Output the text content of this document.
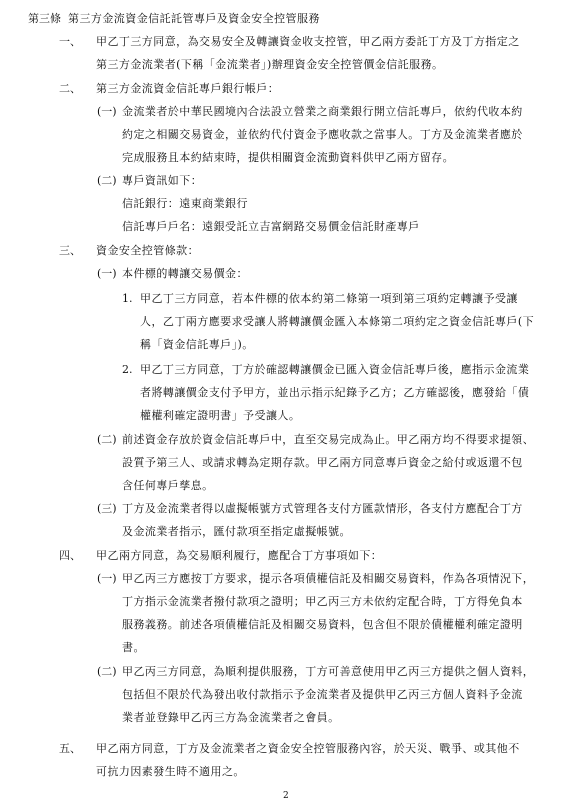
第三條 第三方金流資金信託託管專戶及資金安全控管服務
一、 甲乙丁三方同意，為交易安全及轉讓資金收支控管，甲乙兩方委託丁方及丁方指定之
第三方金流業者(下稱「金流業者」)辦理資金安全控管價金信託服務。
二、 第三方金流資金信託專戶銀行帳戶：
(一) 金流業者於中華民國境內合法設立營業之商業銀行開立信託專戶，依約代收本約
約定之相關交易資金，並依約代付資金予應收款之當事人。丁方及金流業者應於
完成服務且本約結束時，提供相關資金流動資料供甲乙兩方留存。
(二) 專戶資訊如下：
信託銀行：遠東商業銀行
信託專戶戶名：遠銀受託立吉富網路交易價金信託財產專戶
三、 資金安全控管條款：
(一) 本件標的轉讓交易價金：
1. 甲乙丁三方同意，若本件標的依本約第二條第一項到第三項約定轉讓予受讓
人，乙丁兩方應要求受讓人將轉讓價金匯入本條第二項約定之資金信託專戶(下
稱「資金信託專戶」)。
2. 甲乙丁三方同意，丁方於確認轉讓價金已匯入資金信託專戶後，應指示金流業
者將轉讓價金支付予甲方，並出示指示紀錄予乙方；乙方確認後，應發給「債
權權利確定證明書」予受讓人。
(二) 前述資金存放於資金信託專戶中，直至交易完成為止。甲乙兩方均不得要求提領、
設質予第三人、或請求轉為定期存款。甲乙兩方同意專戶資金之給付或返還不包
含任何專戶孳息。
(三) 丁方及金流業者得以虛擬帳號方式管理各支付方匯款情形，各支付方應配合丁方
及金流業者指示，匯付款項至指定虛擬帳號。
四、 甲乙兩方同意，為交易順利履行，應配合丁方事項如下：
(一) 甲乙丙三方應按丁方要求，提示各項債權信託及相關交易資料，作為各項情況下，
丁方指示金流業者撥付款項之證明；甲乙丙三方未依約定配合時，丁方得免負本
服務義務。前述各項債權信託及相關交易資料，包含但不限於債權權利確定證明
書。
(二) 甲乙丙三方同意，為順利提供服務，丁方可善意使用甲乙丙三方提供之個人資料，
包括但不限於代為發出收付款指示予金流業者及提供甲乙丙三方個人資料予金流
業者並登錄甲乙丙三方為金流業者之會員。
五、 甲乙兩方同意，丁方及金流業者之資金安全控管服務內容，於天災、戰爭、或其他不
可抗力因素發生時不適用之。
2
